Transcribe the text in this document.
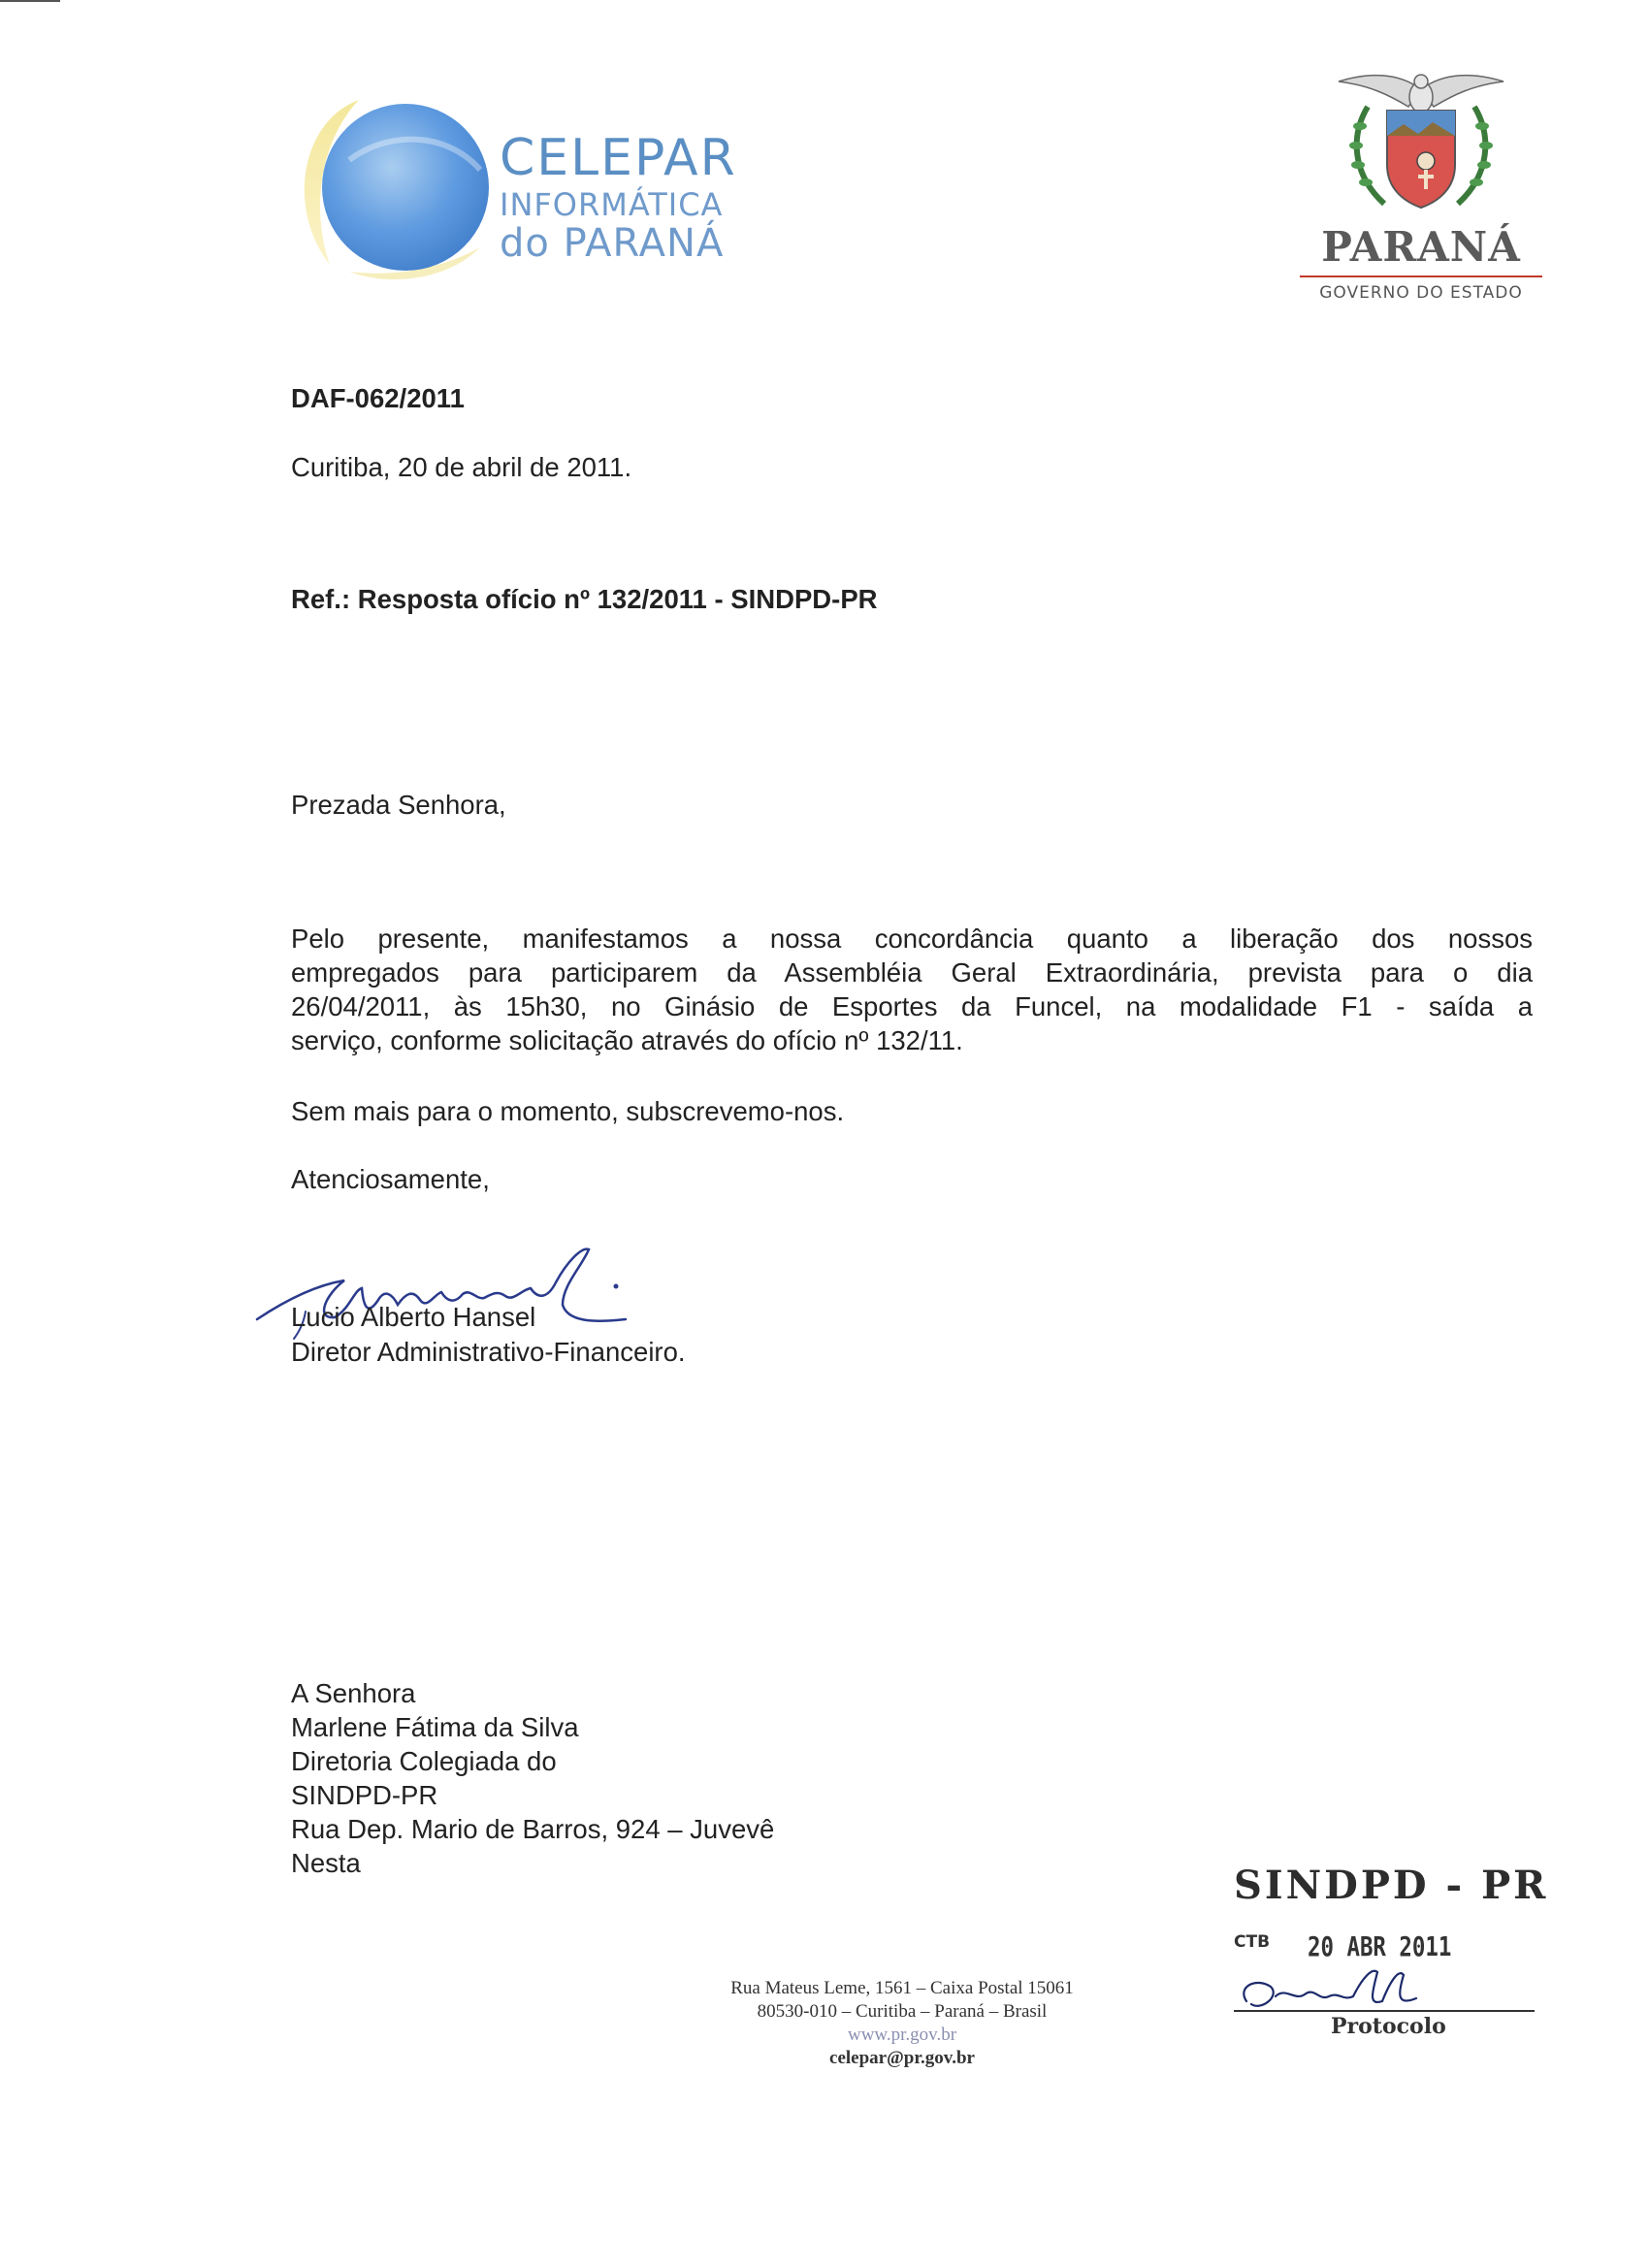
CELEPAR
INFORMÁTICA
do PARANÁ	PARANÁ
GOVERNO DO ESTADO
DAF-062/2011
Curitiba, 20 de abril de 2011.
Ref.: Resposta ofício nº 132/2011 - SINDPD-PR
Prezada Senhora,
Pelo presente, manifestamos a nossa concordância quanto a liberação dos nossos
empregados para participarem da Assembléia Geral Extraordinária, prevista para o dia
26/04/2011, às 15h30, no Ginásio de Esportes da Funcel, na modalidade F1 - saída a
serviço, conforme solicitação através do ofício nº 132/11.
Sem mais para o momento, subscrevemo-nos.
Atenciosamente,
Lucio Alberto Hansel
Diretor Administrativo-Financeiro.
A Senhora
Marlene Fátima da Silva
Diretoria Colegiada do
SINDPD-PR
Rua Dep. Mario de Barros, 924 – Juvevê
Nesta	SINDPD - PR
CTB 20 ABR 2011
Protocolo
Rua Mateus Leme, 1561 – Caixa Postal 15061
80530-010 – Curitiba – Paraná – Brasil
www.pr.gov.br
celepar@pr.gov.br
